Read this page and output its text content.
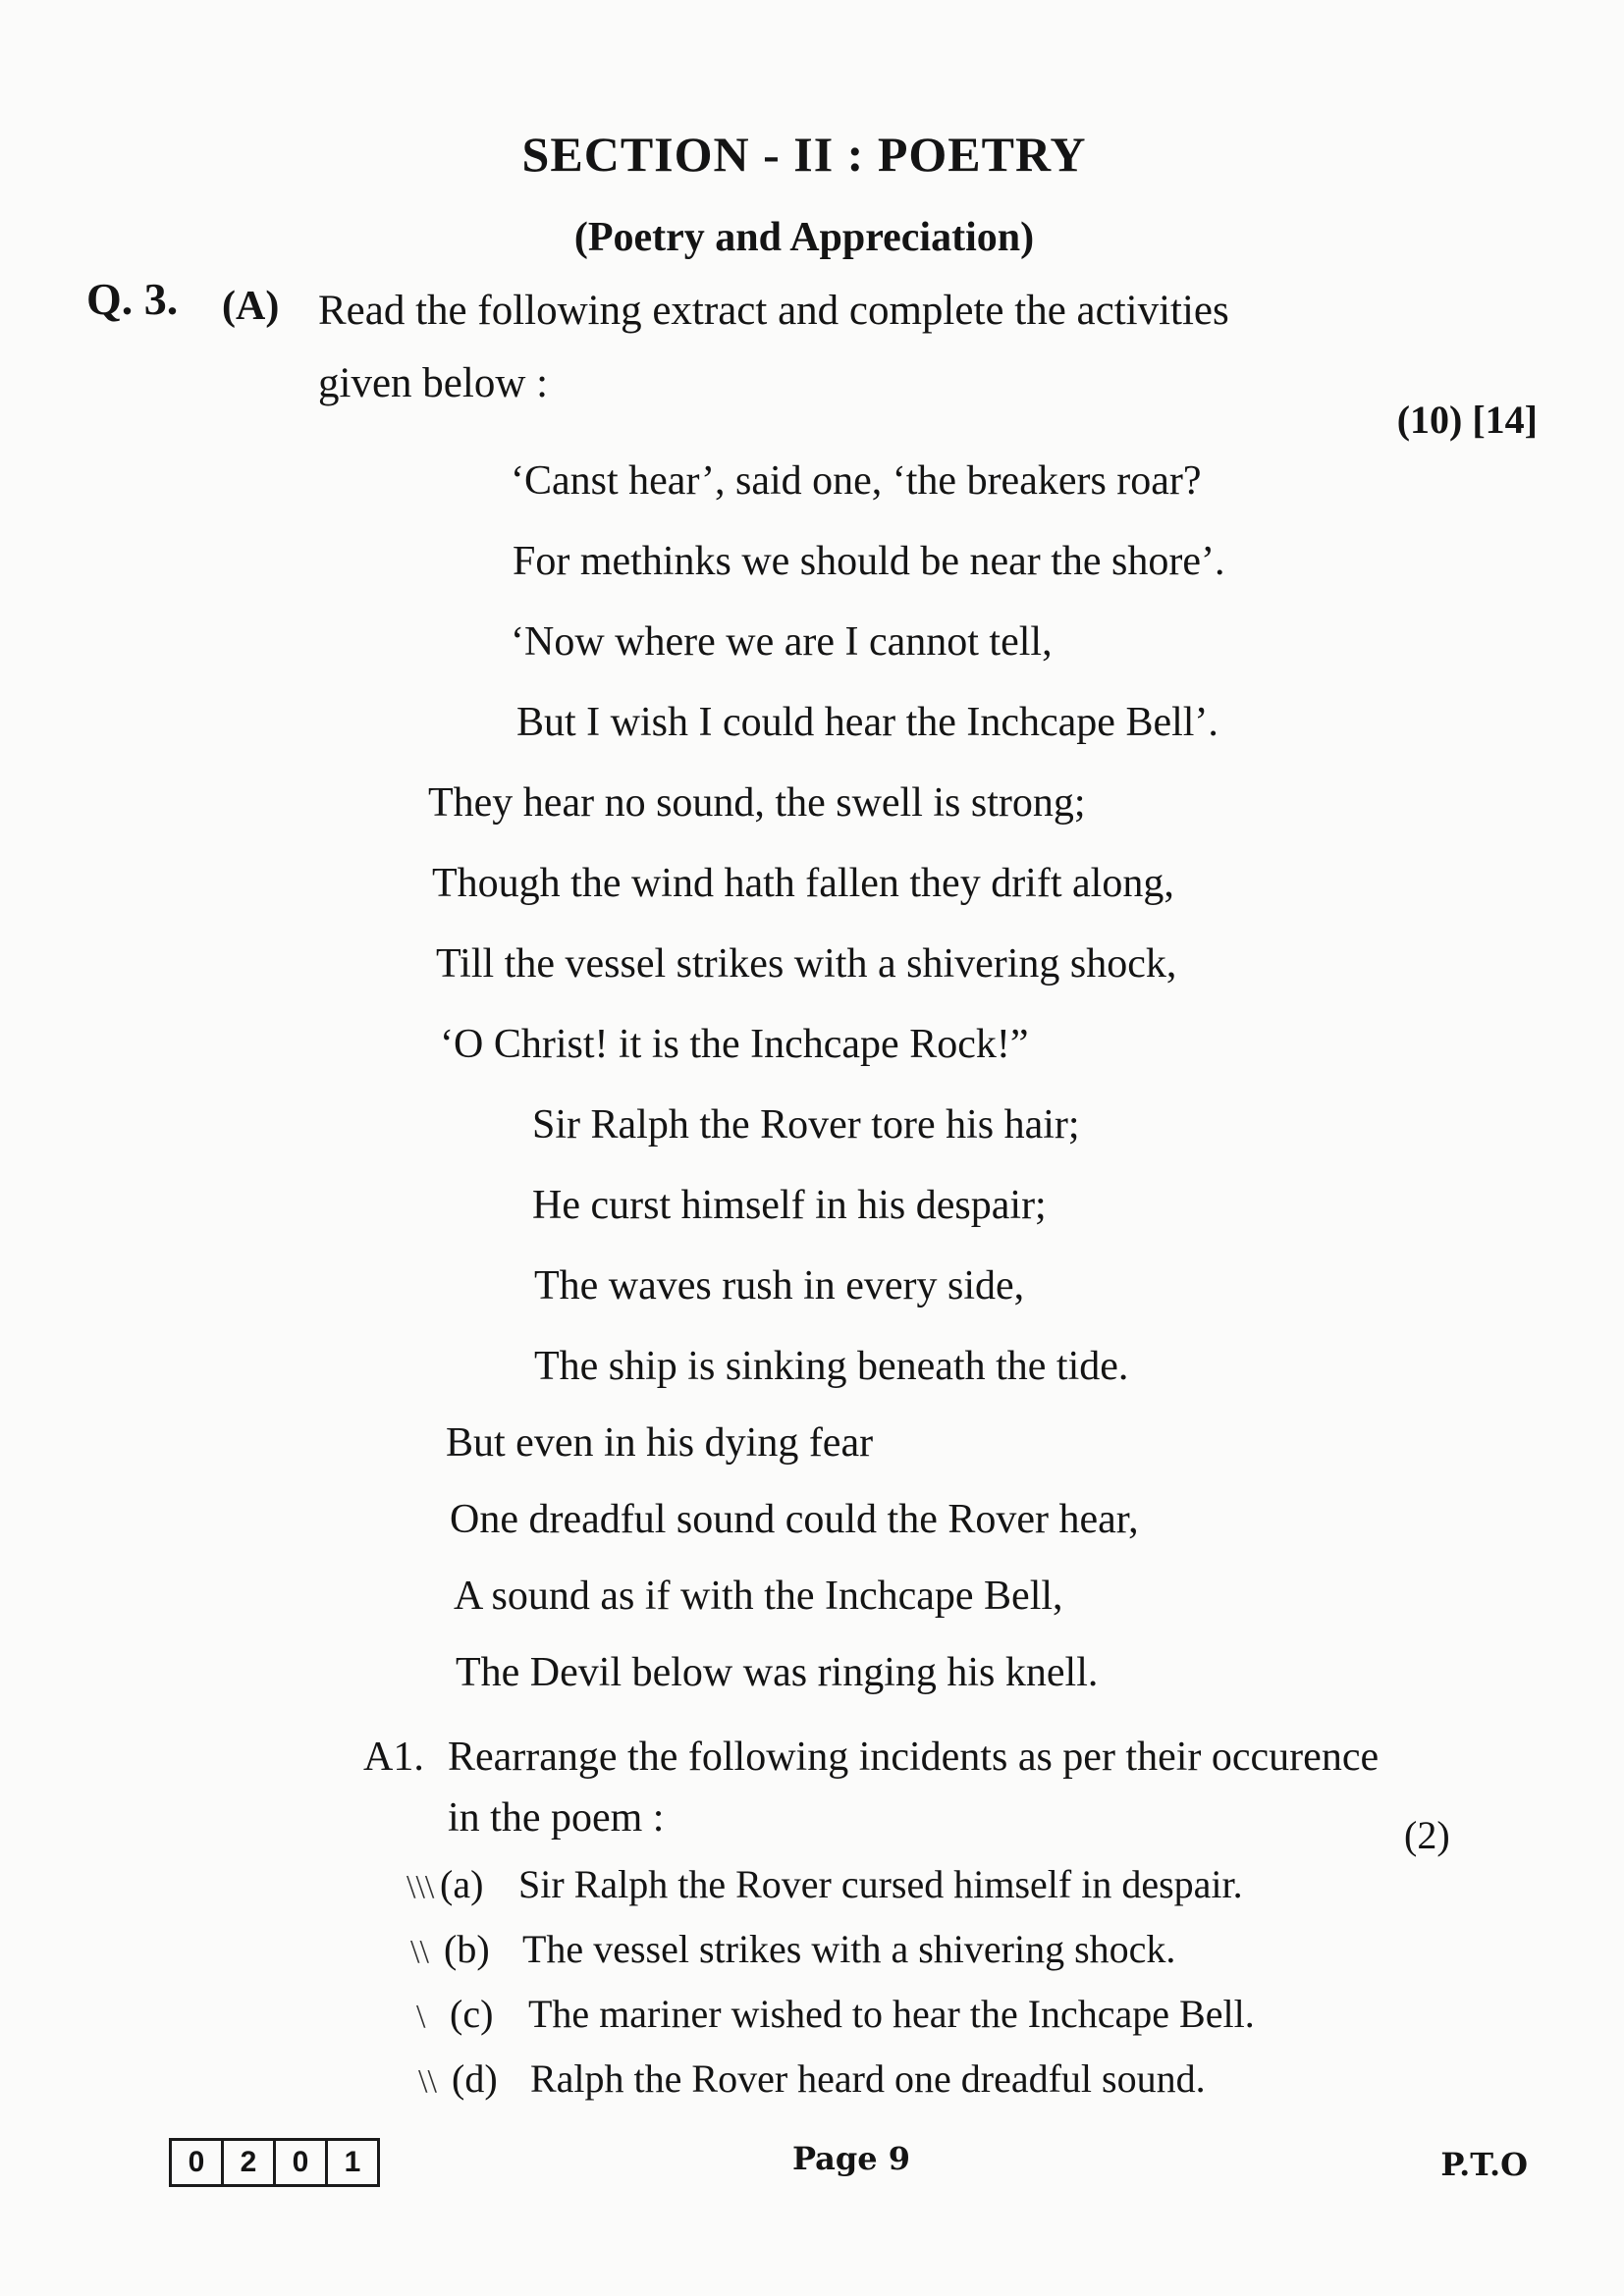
SECTION - II : POETRY
(Poetry and Appreciation)
Q. 3. (A) Read the following extract and complete the activities
given below :
(10) [14]
‘Canst hear’, said one, ‘the breakers roar?
For methinks we should be near the shore’.
‘Now where we are I cannot tell,
But I wish I could hear the Inchcape Bell’.
They hear no sound, the swell is strong;
Though the wind hath fallen they drift along,
Till the vessel strikes with a shivering shock,
‘O Christ! it is the Inchcape Rock!”
Sir Ralph the Rover tore his hair;
He curst himself in his despair;
The waves rush in every side,
The ship is sinking beneath the tide.
But even in his dying fear
One dreadful sound could the Rover hear,
A sound as if with the Inchcape Bell,
The Devil below was ringing his knell.
A1. Rearrange the following incidents as per their occurence
in the poem :	(2)
\\\ (a) Sir Ralph the Rover cursed himself in despair.
\\ (b) The vessel strikes with a shivering shock.
\ (c) The mariner wished to hear the Inchcape Bell.
\\ (d) Ralph the Rover heard one dreadful sound.
0	2	0	1	Page 9	P.T.O
